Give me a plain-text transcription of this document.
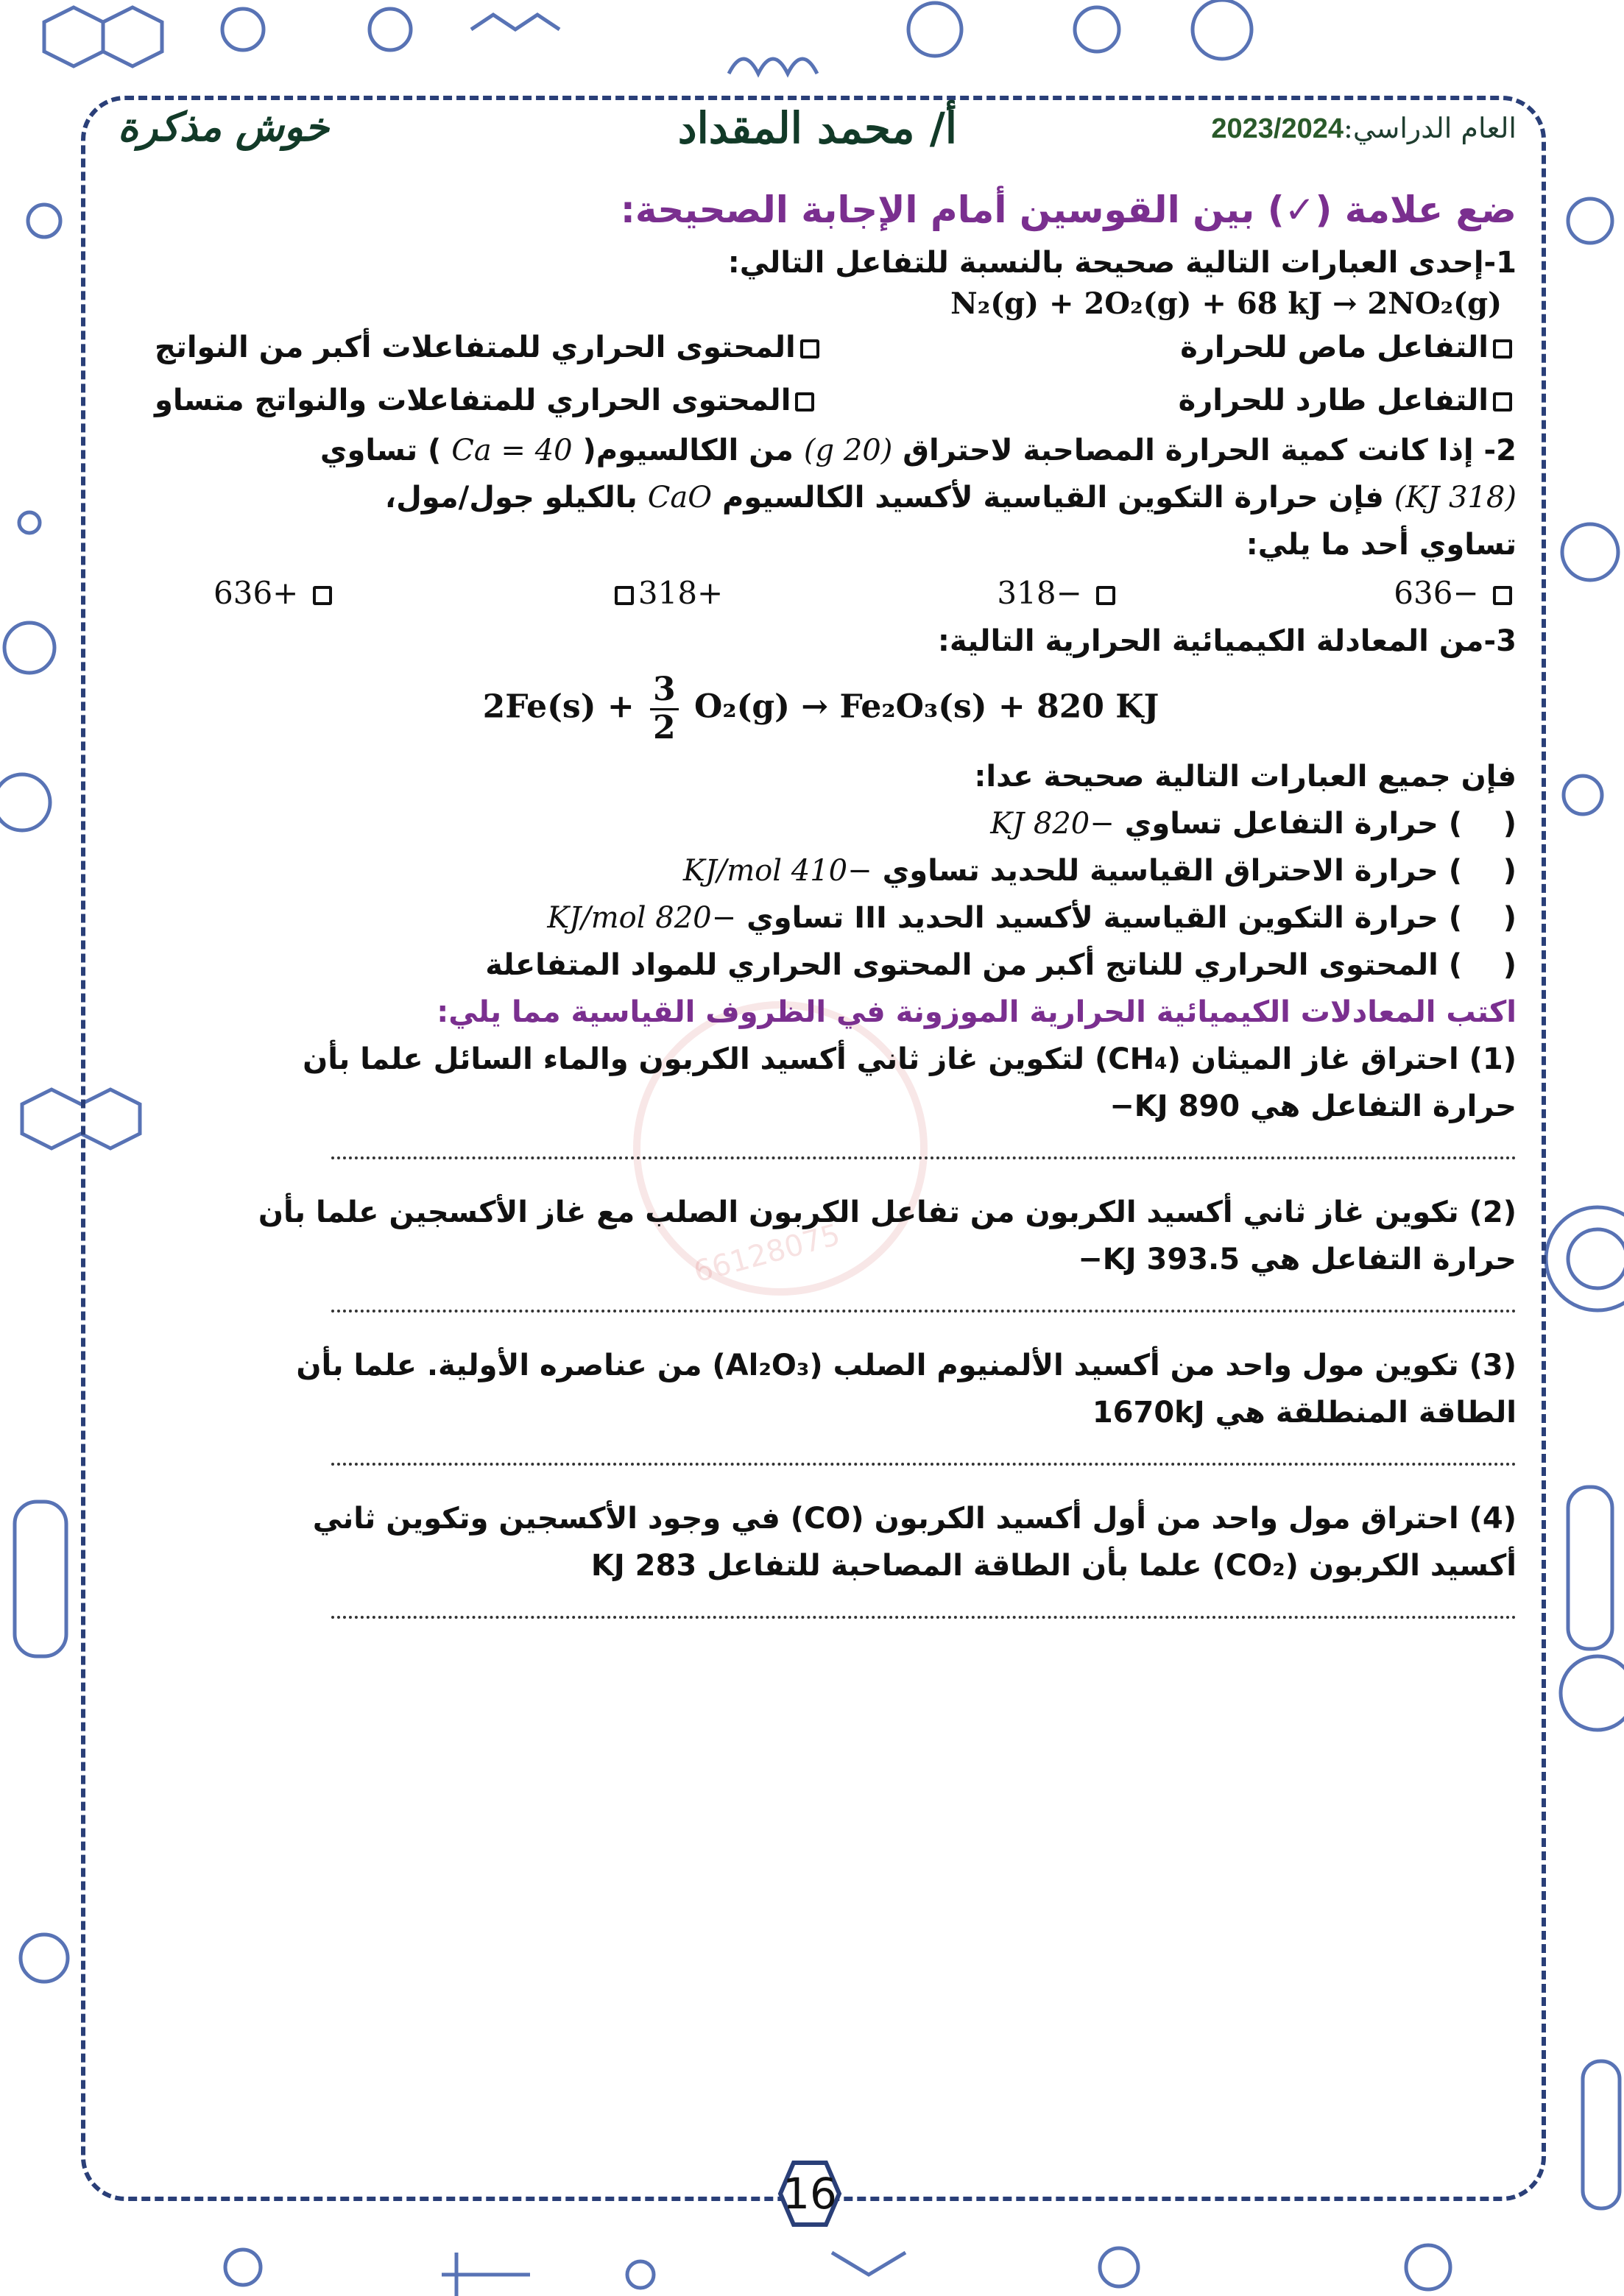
66128075
العام الدراسي:2023/2024
أ/ محمد المقداد
خوش مذكرة

ضع علامة (✓) بين القوسين أمام الإجابة الصحيحة:

1-إحدى العبارات التالية صحيحة بالنسبة للتفاعل التالي:

N₂(g) + 2O₂(g) + 68 kJ → 2NO₂(g)
التفاعل ماص للحرارة
المحتوى الحراري للمتفاعلات أكبر من النواتج
التفاعل طارد للحرارة
المحتوى الحراري للمتفاعلات والنواتج متساو

2- إذا كانت كمية الحرارة المصاحبة لاحتراق (20 g) من الكالسيوم( Ca = 40 ) تساوي

(318 KJ) فإن حرارة التكوين القياسية لأكسيد الكالسيوم CaO بالكيلو جول/مول،

تساوي أحد ما يلي:

−636
−318
+318
+636

3-من المعادلة الكيميائية الحرارية التالية:

$2Fe(s) + \frac{3}{2} O_2(g) \to Fe_2O_3(s) + 820$ KJ

فإن جميع العبارات التالية صحيحة عدا:

(    ) حرارة التفاعل تساوي −820 KJ

(    ) حرارة الاحتراق القياسية للحديد تساوي −410 KJ/mol

(    ) حرارة التكوين القياسية لأكسيد الحديد III تساوي −820 KJ/mol

(    ) المحتوى الحراري للناتج أكبر من المحتوى الحراري للمواد المتفاعلة

اكتب المعادلات الكيميائية الحرارية الموزونة في الظروف القياسية مما يلي:

(1) احتراق غاز الميثان (CH₄) لتكوين غاز ثاني أكسيد الكربون والماء السائل علما بأن

حرارة التفاعل هي 890 KJ−

(2) تكوين غاز ثاني أكسيد الكربون من تفاعل الكربون الصلب مع غاز الأكسجين علما بأن

حرارة التفاعل هي 393.5 KJ−

(3) تكوين مول واحد من أكسيد الألمنيوم الصلب (Al₂O₃) من عناصره الأولية. علما بأن

الطاقة المنطلقة هي 1670kJ

(4) احتراق مول واحد من أول أكسيد الكربون (CO) في وجود الأكسجين وتكوين ثاني

أكسيد الكربون (CO₂) علما بأن الطاقة المصاحبة للتفاعل 283 KJ

16
